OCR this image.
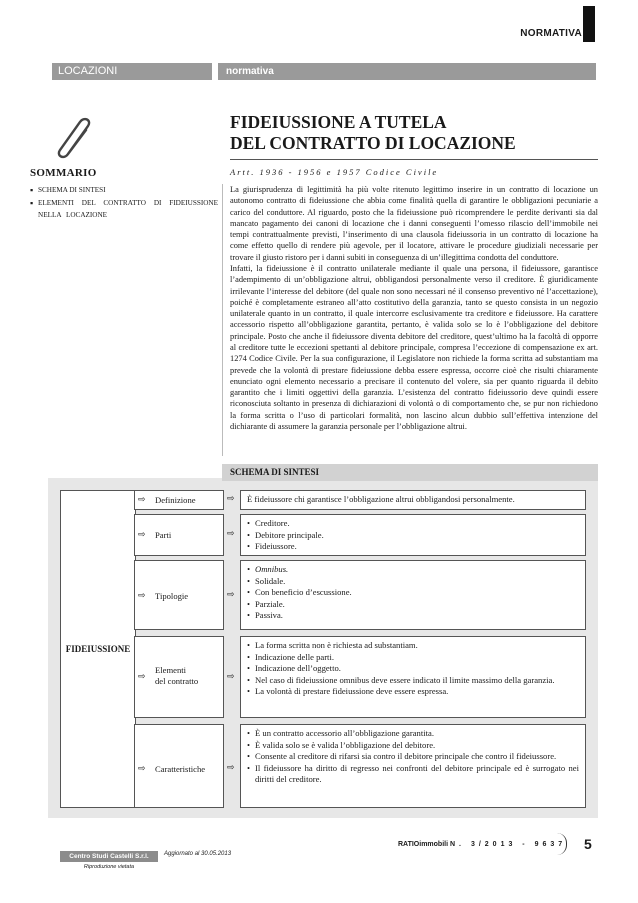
NORMATIVA
LOCAZIONI	normativa
SOMMARIO
▪ SCHEMA DI SINTESI
▪ ELEMENTI DEL CONTRATTO DI FIDEIUSSIONE NELLA LOCAZIONE
FIDEIUSSIONE A TUTELA
DEL CONTRATTO DI LOCAZIONE
Artt. 1936 - 1956 e 1957 Codice Civile
La giurisprudenza di legittimità ha più volte ritenuto legittimo inserire in un contratto di locazione un autonomo contratto di fideiussione che abbia come finalità quella di garantire le obbligazioni pecuniarie a carico del conduttore. Al riguardo, posto che la fideiussione può ricomprendere le perdite derivanti sia dal mancato pagamento dei canoni di locazione che i danni conseguenti l’omesso rilascio dell’immobile nei tempi contrattualmente previsti, l’inserimento di una clausola fideiussoria in un contratto di locazione ha come effetto quello di rendere più agevole, per il locatore, attivare le procedure giudiziali necessarie per trovare il giusto ristoro per i danni subiti in conseguenza di un’illegittima condotta del conduttore.
Infatti, la fideiussione è il contratto unilaterale mediante il quale una persona, il fideiussore, garantisce l’adempimento di un’obbligazione altrui, obbligandosi personalmente verso il creditore. È giuridicamente irrilevante l’interesse del debitore (del quale non sono necessari né il consenso preventivo né l’accettazione), poiché è completamente estraneo all’atto costitutivo della garanzia, tanto se questo consista in un negozio unilaterale quanto in un contratto, il quale intercorre esclusivamente tra creditore e fideiussore. Ha carattere accessorio rispetto all’obbligazione garantita, pertanto, è valida solo se lo è l’obbligazione del debitore principale. Posto che anche il fideiussore diventa debitore del creditore, quest’ultimo ha la facoltà di opporre al creditore tutte le eccezioni spettanti al debitore principale, compresa l’eccezione di compensazione ex art. 1274 Codice Civile. Per la sua configurazione, il Legislatore non richiede la forma scritta ad substantiam ma prevede che la volontà di prestare fideiussione debba essere espressa, occorre cioè che risulti chiaramente enunciato ogni elemento necessario a precisare il contenuto del volere, sia per quanto riguarda il debito garantito che i limiti oggettivi della garanzia. L’esistenza del contratto fideiussorio deve quindi essere riconosciuta soltanto in presenza di dichiarazioni di volontà o di comportamento che, se pur non richiedono la forma scritta o l’uso di particolari formalità, non lascino alcun dubbio sull’effettiva intenzione del dichiarante di assumere la garanzia personale per l’obbligazione altrui.
SCHEMA DI SINTESI
FIDEIUSSIONE
⇨ Definizione	⇨ È fideiussore chi garantisce l’obbligazione altrui obbligandosi personalmente.
⇨ Parti	⇨
• Creditore.
• Debitore principale.
• Fideiussore.
⇨ Tipologie	⇨
• Omnibus.
• Solidale.
• Con beneficio d’escussione.
• Parziale.
• Passiva.
⇨
Elementi
del contratto	⇨
• La forma scritta non è richiesta ad substantiam.
• Indicazione delle parti.
• Indicazione dell’oggetto.
• Nel caso di fideiussione omnibus deve essere indicato il limite massimo della garanzia.
• La volontà di prestare fideiussione deve essere espressa.
⇨ Caratteristiche ⇨
• È un contratto accessorio all’obbligazione garantita.
• È valida solo se è valida l’obbligazione del debitore.
• Consente al creditore di rifarsi sia contro il debitore principale che contro il fideiussore.
• Il fideiussore ha diritto di regresso nei confronti del debitore principale ed è surrogato nei diritti del creditore.
RATIOimmobili N. 3/2013 - 9637 5
Centro Studi Castelli S.r.l.	Aggiornato al 30.05.2013
Riproduzione vietata
